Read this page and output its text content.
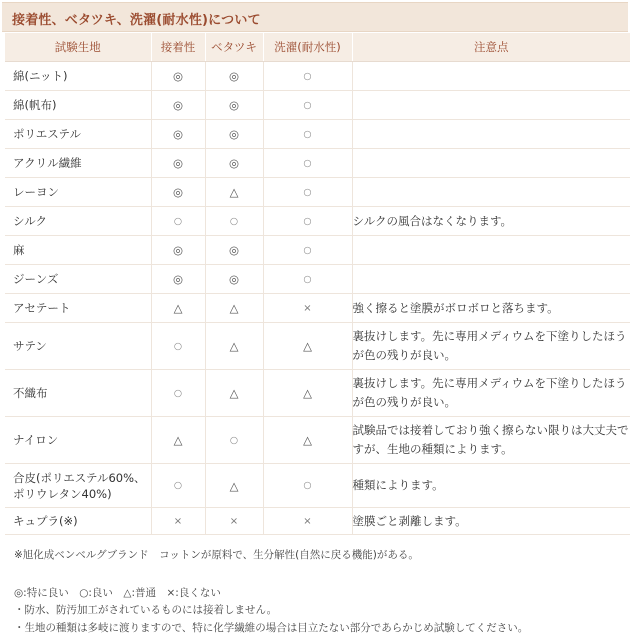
接着性、ベタツキ、洗濯(耐水性)について
試験生地	接着性	ベタツキ	洗濯(耐水性)	注意点
綿(ニット)	◎	◎	○	
綿(帆布)	◎	◎	○	
ポリエステル	◎	◎	○	
アクリル繊維	◎	◎	○	
レーヨン	◎	△	○	
シルク	○	○	○	シルクの風合はなくなります。
麻	◎	◎	○	
ジーンズ	◎	◎	○	
アセテート	△	△	×	強く擦ると塗膜がボロボロと落ちます。
サテン	○	△	△	裏抜けします。先に専用メディウムを下塗りしたほうが色の残りが良い。
不織布	○	△	△	裏抜けします。先に専用メディウムを下塗りしたほうが色の残りが良い。
ナイロン	△	○	△	試験品では接着しており強く擦らない限りは大丈夫ですが、生地の種類によります。
合皮(ポリエステル60%、ポリウレタン40%)	○	△	○	種類によります。
キュプラ(※)	×	×	×	塗膜ごと剥離します。
※旭化成ベンベルグブランド　コットンが原料で、生分解性(自然に戻る機能)がある。
◎:特に良い　○:良い　△:普通　×:良くない
・防水、防汚加工がされているものには接着しません。
・生地の種類は多岐に渡りますので、特に化学繊維の場合は目立たない部分であらかじめ試験してください。
